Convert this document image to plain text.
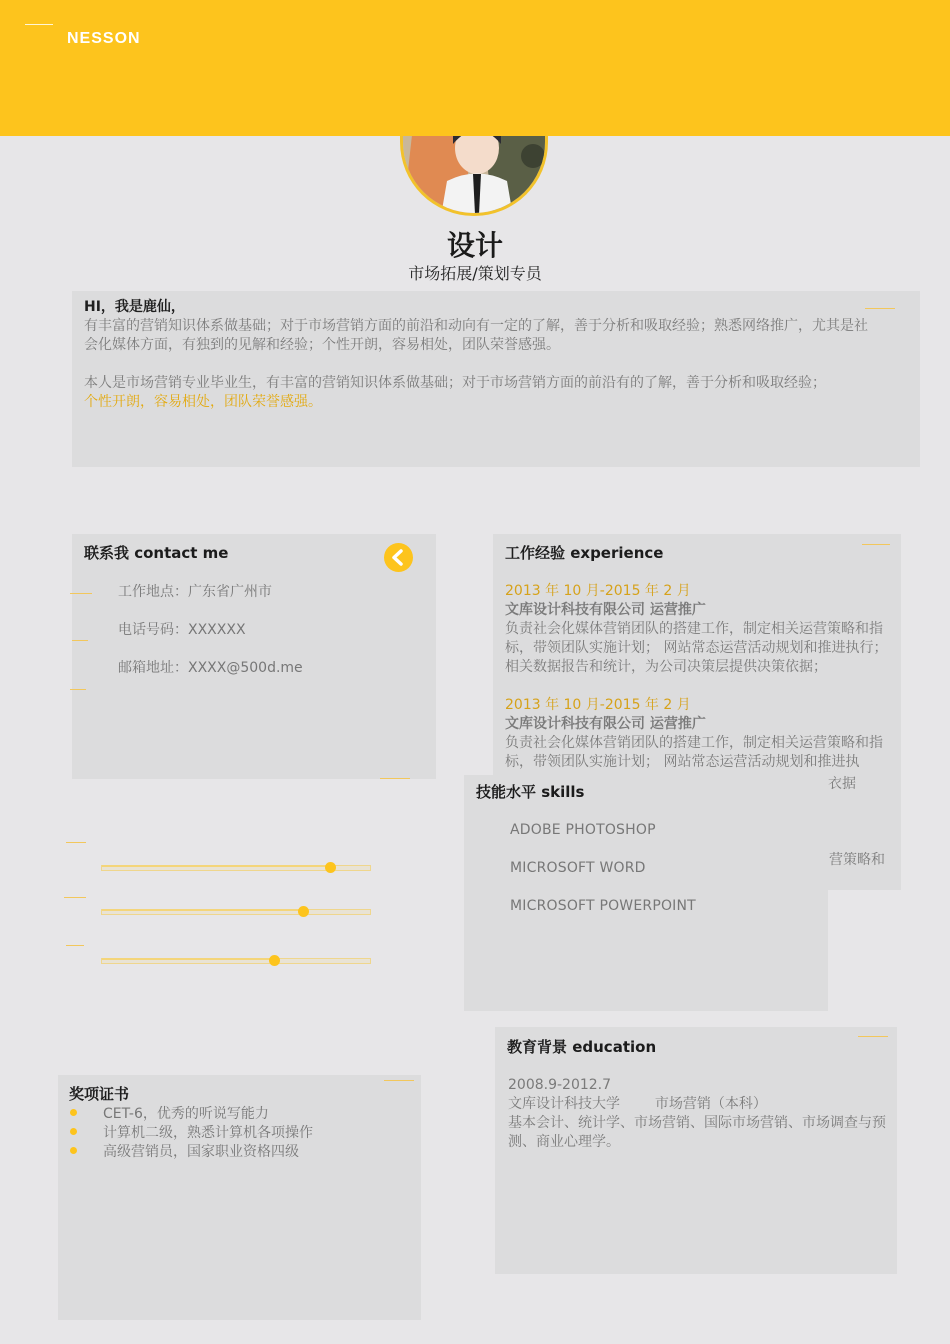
NESSON
设计
市场拓展/策划专员
HI，我是鹿仙，
有丰富的营销知识体系做基础；对于市场营销方面的前沿和动向有一定的了解，善于分析和吸取经验；熟悉网络推广，尤其是社会化媒体方面，有独到的见解和经验；个性开朗，容易相处，团队荣誉感强。
本人是市场营销专业毕业生，有丰富的营销知识体系做基础；对于市场营销方面的前沿有的了解，善于分析和吸取经验；
个性开朗，容易相处，团队荣誉感强。
联系我 contact me
工作地点：广东省广州市
电话号码：XXXXXX
邮箱地址：XXXX@500d.me
工作经验 experience
2013 年 10 月-2015 年 2 月
文库设计科技有限公司 运营推广
负责社会化媒体营销团队的搭建工作，制定相关运营策略和指标，带领团队实施计划； 网站常态运营活动规划和推进执行； 相关数据报告和统计，为公司决策层提供决策依据；
2013 年 10 月-2015 年 2 月
文库设计科技有限公司 运营推广
负责社会化媒体营销团队的搭建工作，制定相关运营策略和指标，带领团队实施计划； 网站常态运营活动规划和推进执
衣据
营策略和
技能水平 skills
ADOBE PHOTOSHOP
MICROSOFT WORD
MICROSOFT POWERPOINT
教育背景 education
2008.9-2012.7
文库设计科技大学 市场营销（本科）
基本会计、统计学、市场营销、国际市场营销、市场调查与预测、商业心理学。
奖项证书
CET-6，优秀的听说写能力
计算机二级，熟悉计算机各项操作
高级营销员，国家职业资格四级
